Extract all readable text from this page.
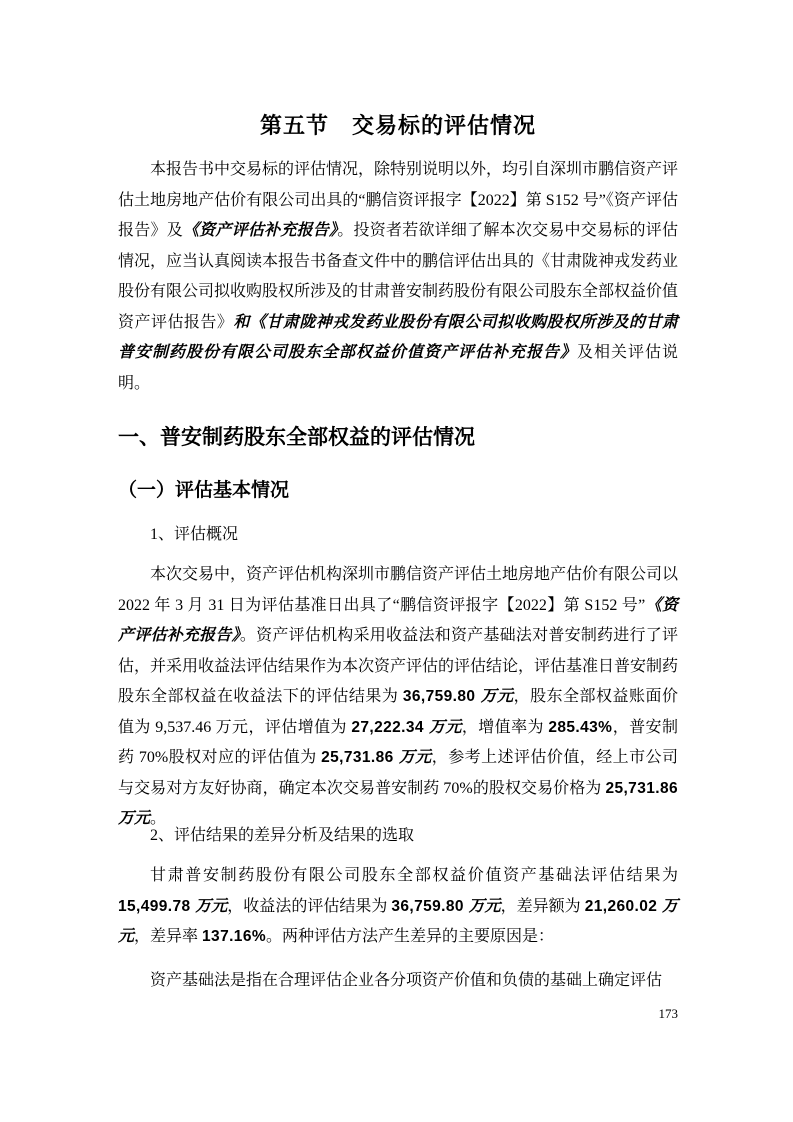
第五节　交易标的评估情况
本报告书中交易标的评估情况，除特别说明以外，均引自深圳市鹏信资产评估土地房地产估价有限公司出具的“鹏信资评报字【2022】第 S152 号”《资产评估报告》及《资产评估补充报告》。投资者若欲详细了解本次交易中交易标的评估情况，应当认真阅读本报告书备查文件中的鹏信评估出具的《甘肃陇神戎发药业股份有限公司拟收购股权所涉及的甘肃普安制药股份有限公司股东全部权益价值资产评估报告》和《甘肃陇神戎发药业股份有限公司拟收购股权所涉及的甘肃普安制药股份有限公司股东全部权益价值资产评估补充报告》及相关评估说明。
一、普安制药股东全部权益的评估情况
（一）评估基本情况
1、评估概况
本次交易中，资产评估机构深圳市鹏信资产评估土地房地产估价有限公司以 2022 年 3 月 31 日为评估基准日出具了“鹏信资评报字【2022】第 S152 号”《资产评估补充报告》。资产评估机构采用收益法和资产基础法对普安制药进行了评估，并采用收益法评估结果作为本次资产评估的评估结论，评估基准日普安制药股东全部权益在收益法下的评估结果为 36,759.80 万元，股东全部权益账面价值为 9,537.46 万元，评估增值为 27,222.34 万元，增值率为 285.43%，普安制药 70%股权对应的评估值为 25,731.86 万元，参考上述评估价值，经上市公司与交易对方友好协商，确定本次交易普安制药 70%的股权交易价格为 25,731.86 万元。
2、评估结果的差异分析及结果的选取
甘肃普安制药股份有限公司股东全部权益价值资产基础法评估结果为 15,499.78 万元，收益法的评估结果为 36,759.80 万元，差异额为 21,260.02 万元，差异率 137.16%。两种评估方法产生差异的主要原因是：
资产基础法是指在合理评估企业各分项资产价值和负债的基础上确定评估
173
